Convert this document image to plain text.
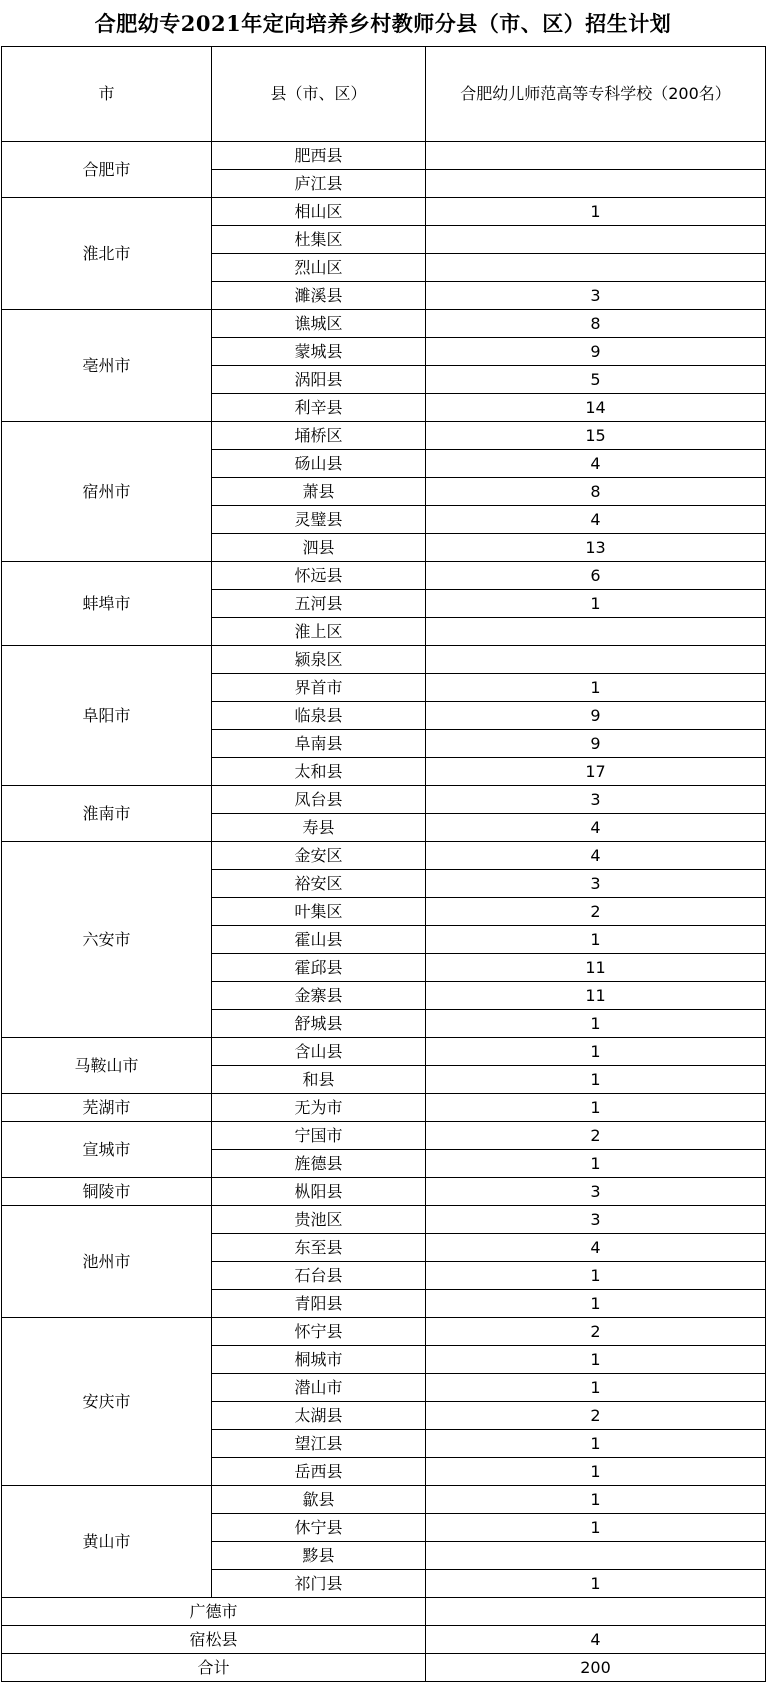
合肥幼专2021年定向培养乡村教师分县（市、区）招生计划
市	县（市、区）	合肥幼儿师范高等专科学校（200名）
合肥市	肥西县	
	庐江县	
淮北市	相山区	1
	杜集区	
	烈山区	
	濉溪县	3
亳州市	谯城区	8
	蒙城县	9
	涡阳县	5
	利辛县	14
宿州市	埇桥区	15
	砀山县	4
	萧县	8
	灵璧县	4
	泗县	13
蚌埠市	怀远县	6
	五河县	1
	淮上区	
阜阳市	颍泉区	
	界首市	1
	临泉县	9
	阜南县	9
	太和县	17
淮南市	凤台县	3
	寿县	4
六安市	金安区	4
	裕安区	3
	叶集区	2
	霍山县	1
	霍邱县	11
	金寨县	11
	舒城县	1
马鞍山市	含山县	1
	和县	1
芜湖市	无为市	1
宣城市	宁国市	2
	旌德县	1
铜陵市	枞阳县	3
池州市	贵池区	3
	东至县	4
	石台县	1
	青阳县	1
安庆市	怀宁县	2
	桐城市	1
	潜山市	1
	太湖县	2
	望江县	1
	岳西县	1
黄山市	歙县	1
	休宁县	1
	黟县	
	祁门县	1
广德市		
宿松县		4
合计		200
